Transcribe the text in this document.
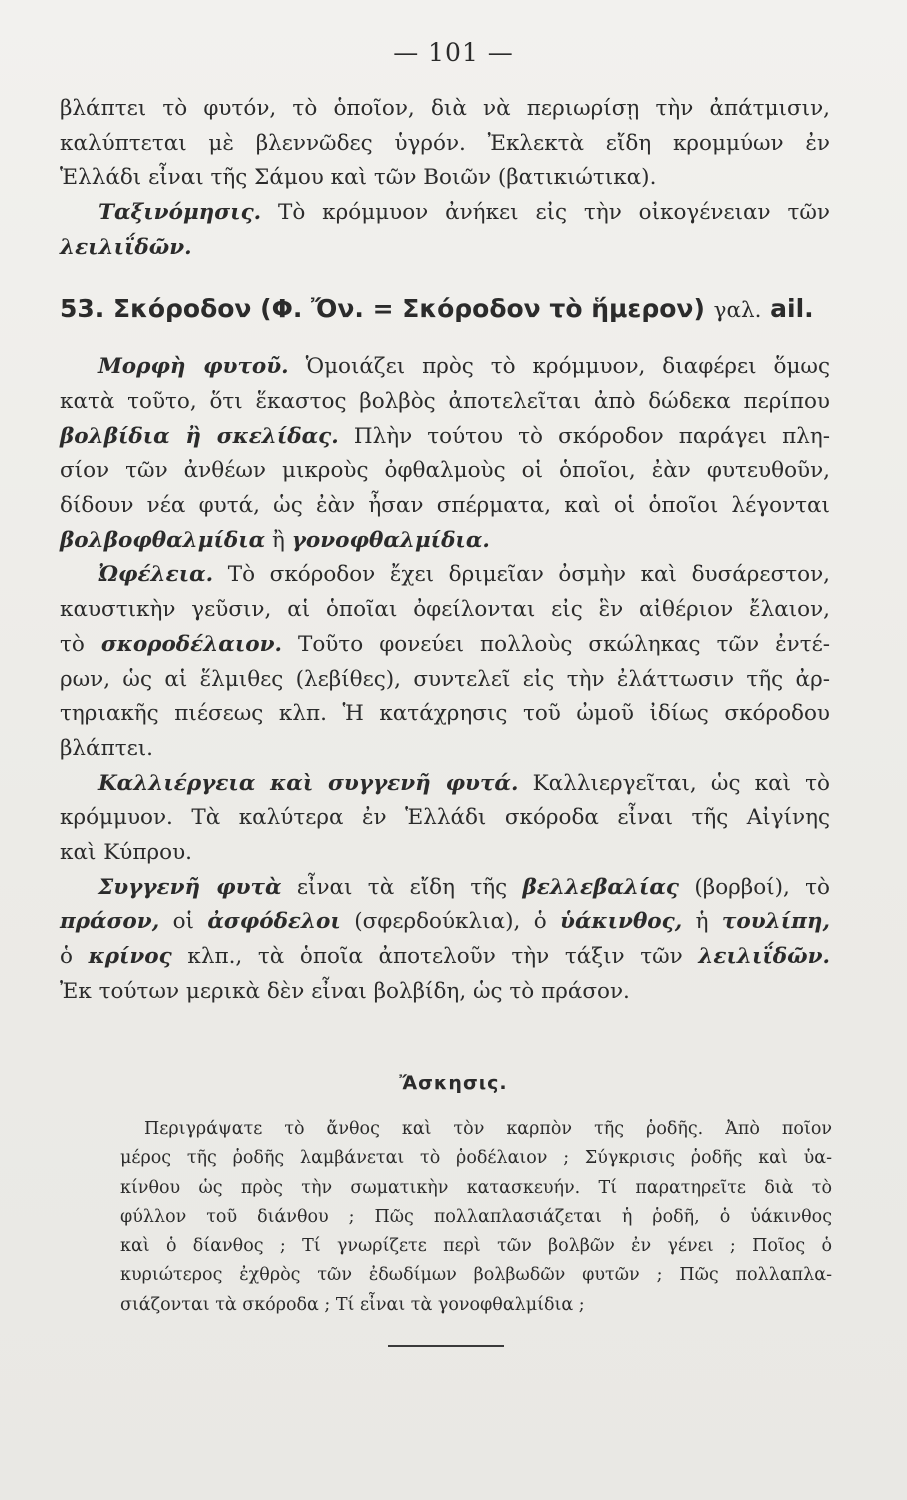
— 101 —
βλάπτει τὸ φυτόν, τὸ ὁποῖον, διὰ νὰ περιωρίσῃ τὴν ἀπάτμισιν,
καλύπτεται μὲ βλεννῶδες ὑγρόν. Ἐκλεκτὰ εἴδη κρομμύων ἐν
Ἑλλάδι εἶναι τῆς Σάμου καὶ τῶν Βοιῶν (βατικιώτικα).
Ταξινόμησις. Τὸ κρόμμυον ἀνήκει εἰς τὴν οἰκογένειαν τῶν
λειλιΐδῶν.
53. Σκόροδον (Φ. Ὄν. = Σκόροδον τὸ ἥμερον) γαλ. ail.
Μορφὴ φυτοῦ. Ὁμοιάζει πρὸς τὸ κρόμμυον, διαφέρει ὅμως
κατὰ τοῦτο, ὅτι ἕκαστος βολβὸς ἀποτελεῖται ἀπὸ δώδεκα περίπου
βολβίδια ἢ σκελίδας. Πλὴν τούτου τὸ σκόροδον παράγει πλη-
σίον τῶν ἀνθέων μικροὺς ὀφθαλμοὺς οἱ ὁποῖοι, ἐὰν φυτευθοῦν,
δίδουν νέα φυτά, ὡς ἐὰν ἦσαν σπέρματα, καὶ οἱ ὁποῖοι λέγονται
βολβοφθαλμίδια ἢ γονοφθαλμίδια.
Ὠφέλεια. Τὸ σκόροδον ἔχει δριμεῖαν ὀσμὴν καὶ δυσάρεστον,
καυστικὴν γεῦσιν, αἱ ὁποῖαι ὀφείλονται εἰς ἓν αἰθέριον ἔλαιον,
τὸ σκοροδέλαιον. Τοῦτο φονεύει πολλοὺς σκώληκας τῶν ἐντέ-
ρων, ὡς αἱ ἕλμιθες (λεβίθες), συντελεῖ εἰς τὴν ἐλάττωσιν τῆς ἀρ-
τηριακῆς πιέσεως κλπ. Ἡ κατάχρησις τοῦ ὠμοῦ ἰδίως σκόροδου
βλάπτει.
Καλλιέργεια καὶ συγγενῆ φυτά. Καλλιεργεῖται, ὡς καὶ τὸ
κρόμμυον. Τὰ καλύτερα ἐν Ἑλλάδι σκόροδα εἶναι τῆς Αἰγίνης
καὶ Κύπρου.
Συγγενῆ φυτὰ εἶναι τὰ εἴδη τῆς βελλεβαλίας (βορβοί), τὸ
πράσον, οἱ ἀσφόδελοι (σφερδούκλια), ὁ ὑάκινθος, ἡ τουλίπη,
ὁ κρίνος κλπ., τὰ ὁποῖα ἀποτελοῦν τὴν τάξιν τῶν λειλιΐδῶν.
Ἐκ τούτων μερικὰ δὲν εἶναι βολβίδη, ὡς τὸ πράσον.
Ἄσκησις.
Περιγράψατε τὸ ἄνθος καὶ τὸν καρπὸν τῆς ῥοδῆς. Ἀπὸ ποῖον
μέρος τῆς ῥοδῆς λαμβάνεται τὸ ῥοδέλαιον ; Σύγκρισις ῥοδῆς καὶ ὑα-
κίνθου ὡς πρὸς τὴν σωματικὴν κατασκευήν. Τί παρατηρεῖτε διὰ τὸ
φύλλον τοῦ διάνθου ; Πῶς πολλαπλασιάζεται ἡ ῥοδῆ, ὁ ὑάκινθος
καὶ ὁ δίανθος ; Τί γνωρίζετε περὶ τῶν βολβῶν ἐν γένει ; Ποῖος ὁ
κυριώτερος ἐχθρὸς τῶν ἐδωδίμων βολβωδῶν φυτῶν ; Πῶς πολλαπλα-
σιάζονται τὰ σκόροδα ; Τί εἶναι τὰ γονοφθαλμίδια ;
